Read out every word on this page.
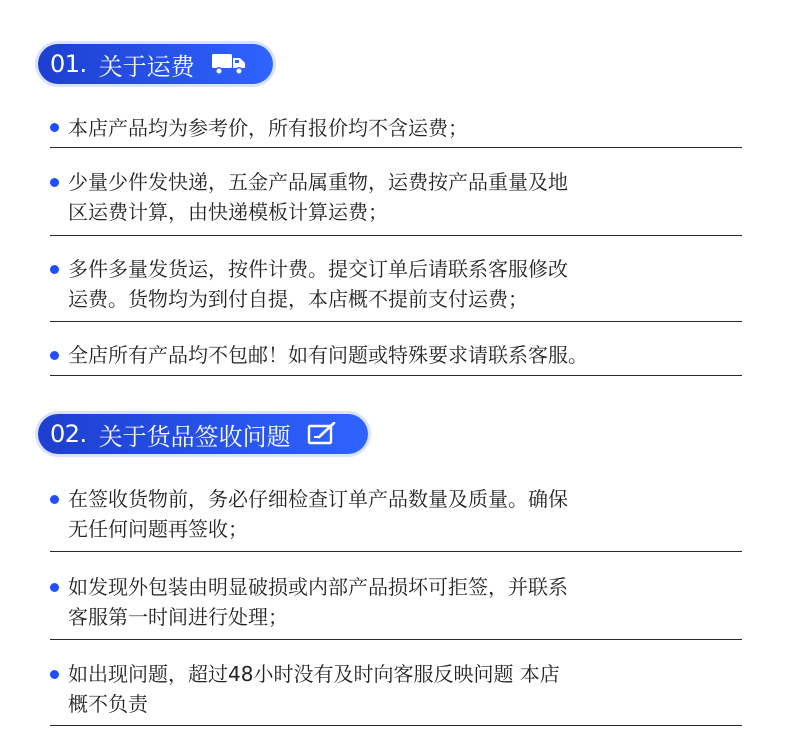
01. 关于运费
本店产品均为参考价，所有报价均不含运费；
少量少件发快递，五金产品属重物，运费按产品重量及地
区运费计算，由快递模板计算运费；
多件多量发货运，按件计费。提交订单后请联系客服修改
运费。货物均为到付自提，本店概不提前支付运费；
全店所有产品均不包邮！如有问题或特殊要求请联系客服。
02. 关于货品签收问题
在签收货物前，务必仔细检查订单产品数量及质量。确保
无任何问题再签收；
如发现外包装由明显破损或内部产品损坏可拒签，并联系
客服第一时间进行处理；
如出现问题，超过48小时没有及时向客服反映问题 本店
概不负责
